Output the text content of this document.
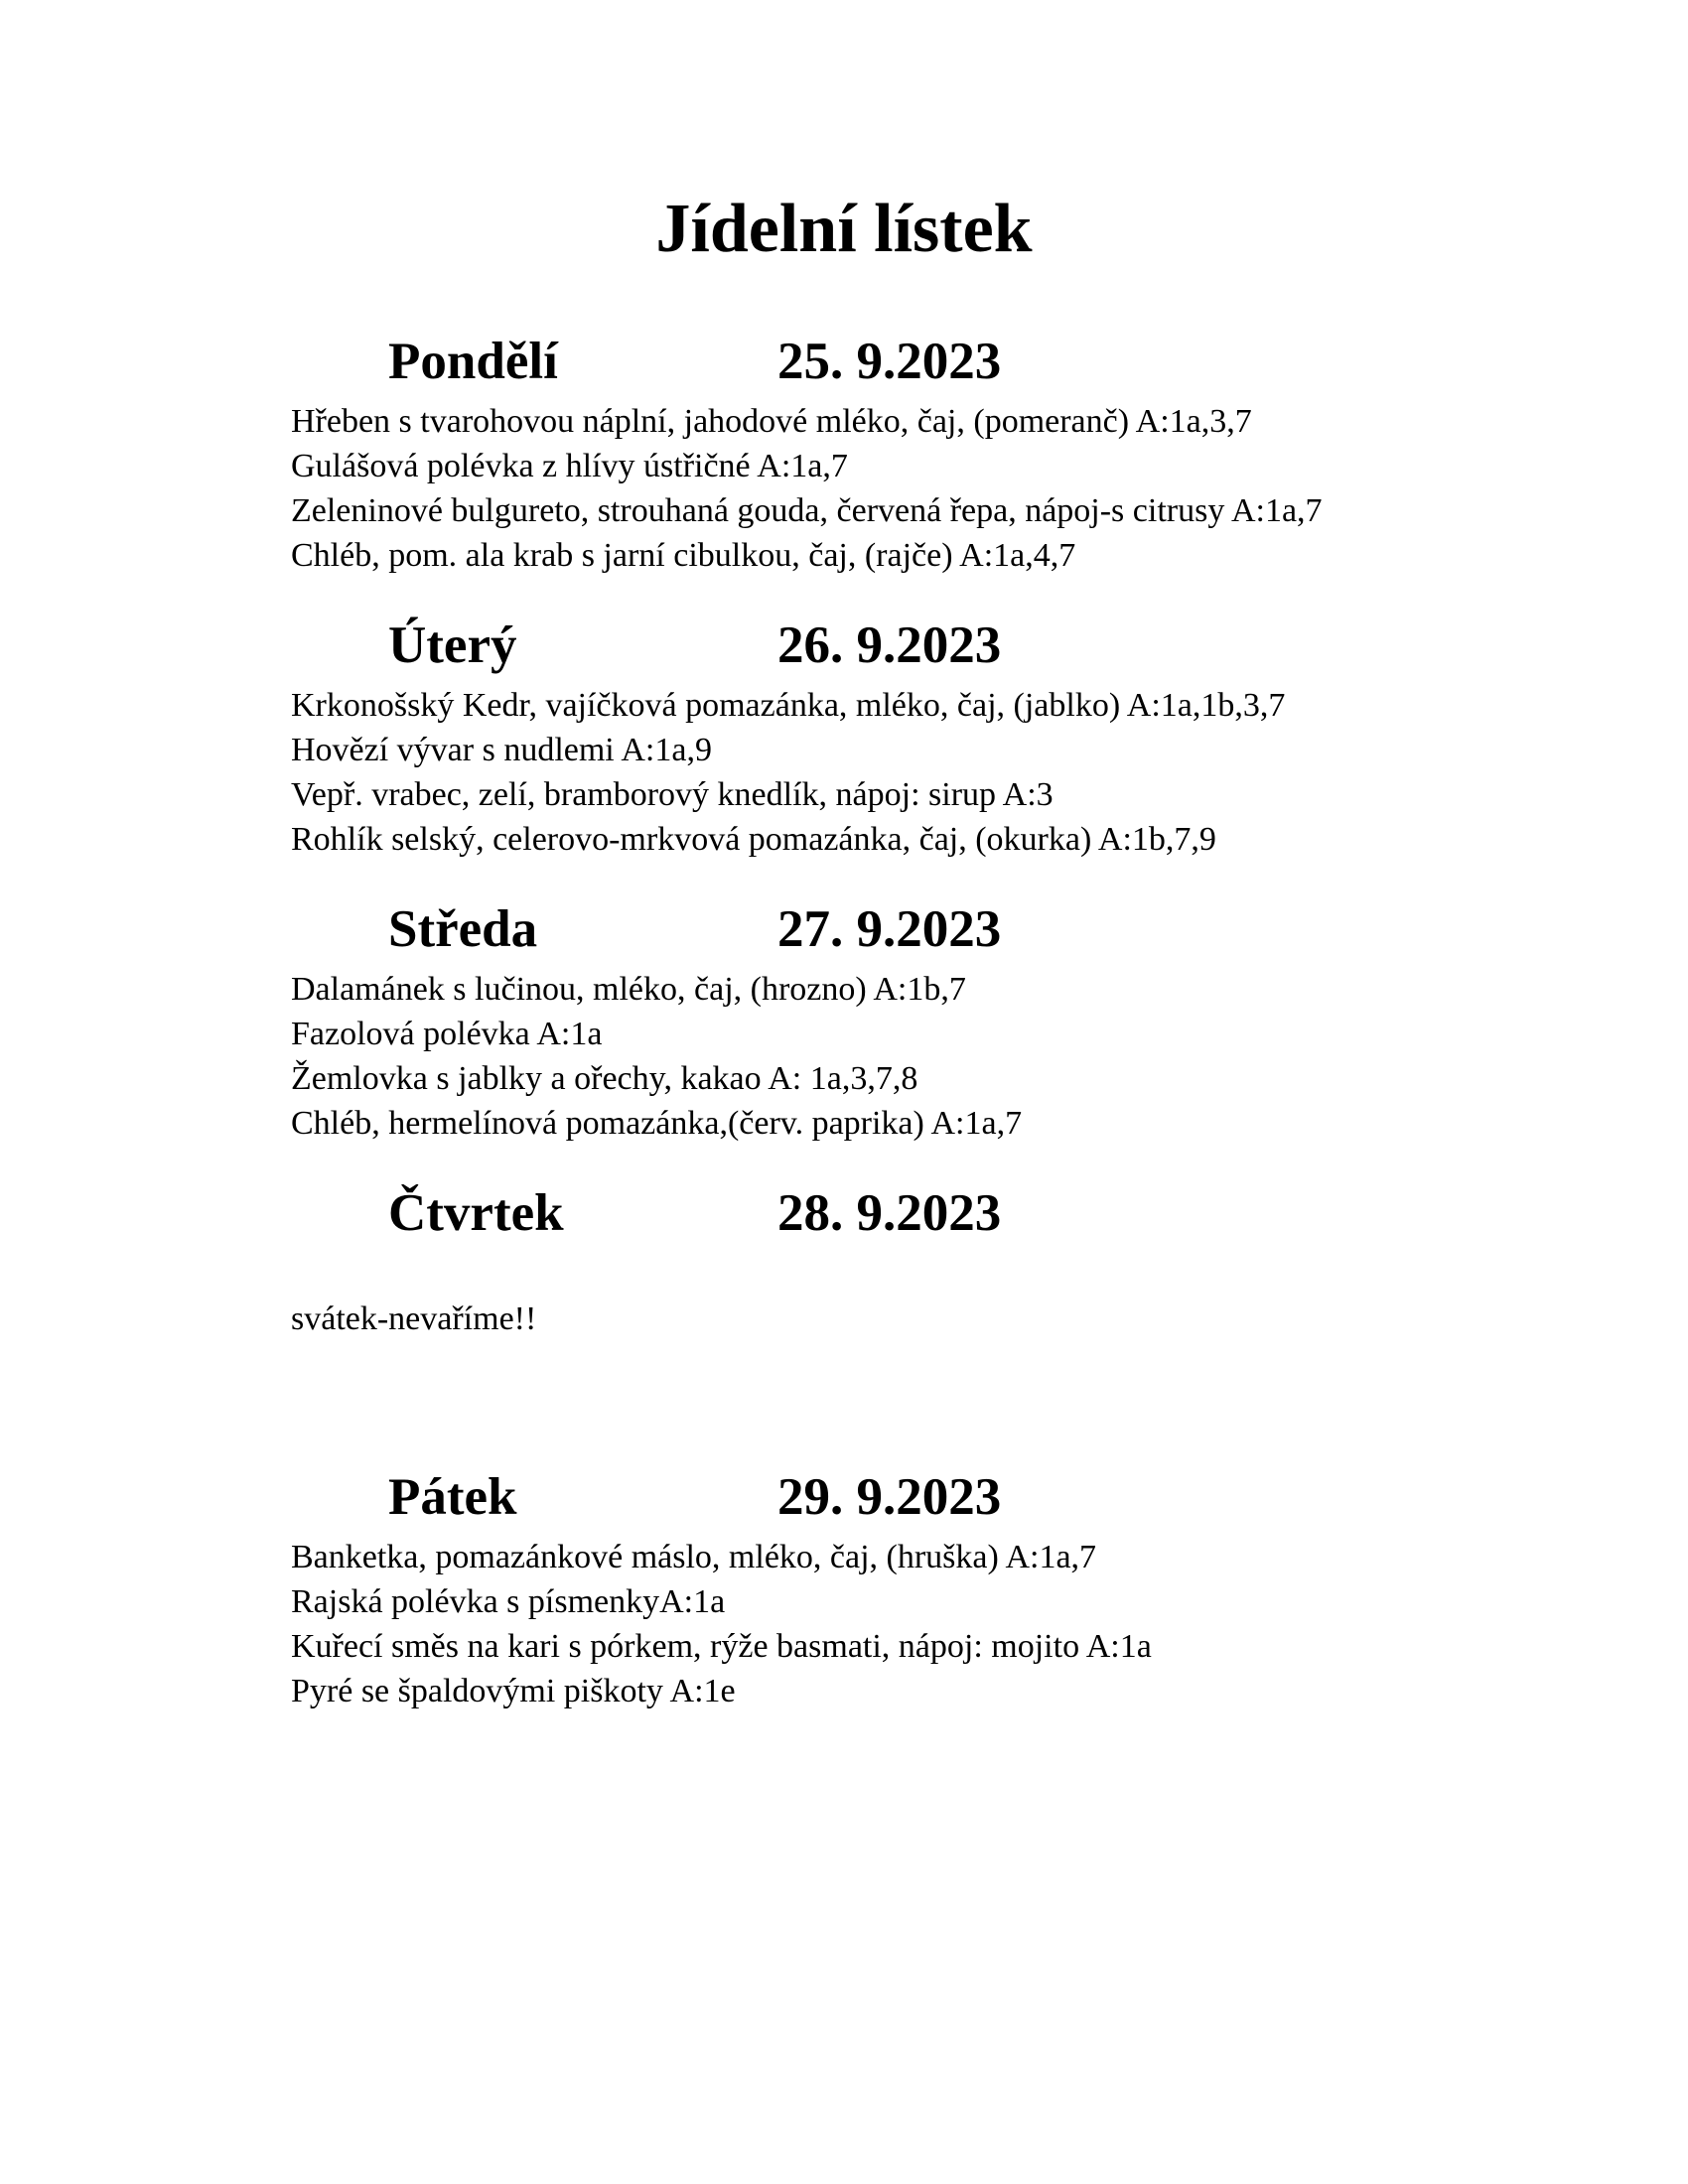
Jídelní lístek
Pondělí	25. 9.2023
Hřeben s tvarohovou náplní, jahodové mléko, čaj, (pomeranč) A:1a,3,7
Gulášová polévka z hlívy ústřičné A:1a,7
Zeleninové bulgureto, strouhaná gouda, červená řepa, nápoj-s citrusy A:1a,7
Chléb, pom. ala krab s jarní cibulkou, čaj, (rajče) A:1a,4,7
Úterý	26. 9.2023
Krkonošský Kedr, vajíčková pomazánka, mléko, čaj, (jablko) A:1a,1b,3,7
Hovězí vývar s nudlemi A:1a,9
Vepř. vrabec, zelí, bramborový knedlík, nápoj: sirup A:3
Rohlík selský, celerovo-mrkvová pomazánka, čaj, (okurka) A:1b,7,9
Středa	27. 9.2023
Dalamánek s lučinou, mléko, čaj, (hrozno) A:1b,7
Fazolová polévka A:1a
Žemlovka s jablky a ořechy, kakao A: 1a,3,7,8
Chléb, hermelínová pomazánka,(červ. paprika) A:1a,7
Čtvrtek	28. 9.2023
svátek-nevaříme!!
Pátek	29. 9.2023
Banketka, pomazánkové máslo, mléko, čaj, (hruška) A:1a,7
Rajská polévka s písmenkyA:1a
Kuřecí směs na kari s pórkem, rýže basmati, nápoj: mojito A:1a
Pyré se špaldovými piškoty A:1e
